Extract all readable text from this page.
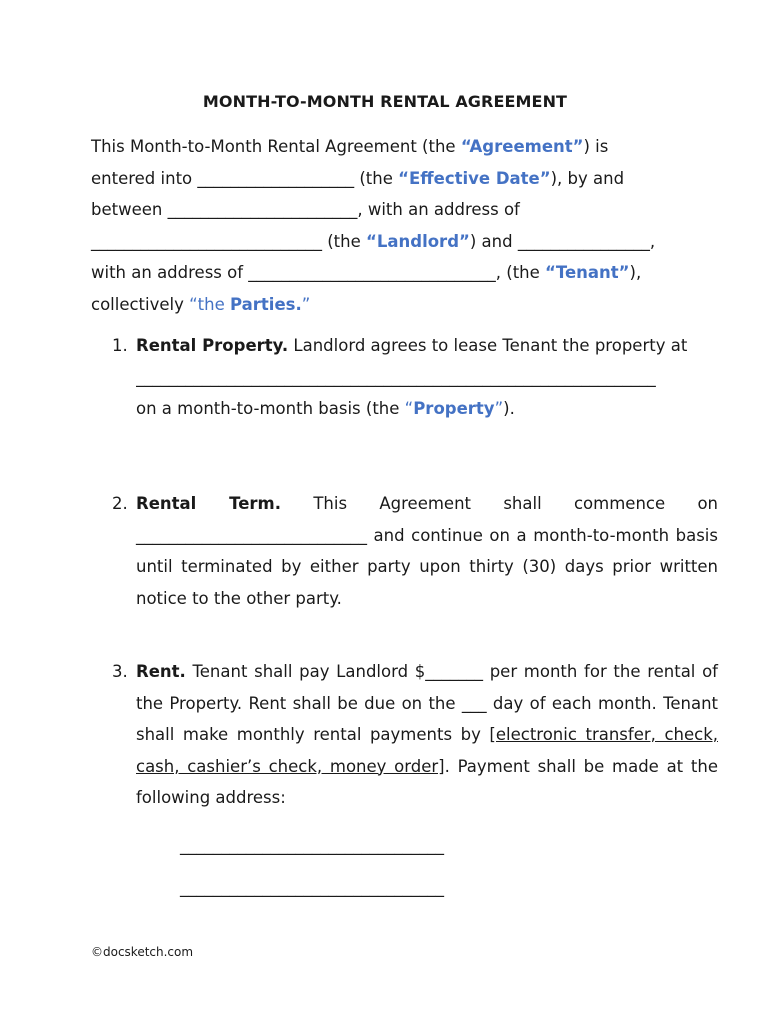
MONTH-TO-MONTH RENTAL AGREEMENT
This Month-to-Month Rental Agreement (the “Agreement”) is
entered into ___________________ (the “Effective Date”), by and
between _______________________, with an address of
____________________________ (the “Landlord”) and ________________,
with an address of ______________________________, (the “Tenant”),
collectively “the Parties.”
1. Rental Property. Landlord agrees to lease Tenant the property at
_______________________________________________________________
on a month-to-month basis (the “Property”).
2. Rental Term. This Agreement shall commence on
____________________________ and continue on a month-to-month basis until terminated by either party upon thirty (30) days prior written notice to the other party.
3. Rent. Tenant shall pay Landlord $_______ per month for the rental of the Property. Rent shall be due on the ___ day of each month. Tenant shall make monthly rental payments by [electronic transfer, check, cash, cashier’s check, money order]. Payment shall be made at the following address:
________________________________
________________________________
©docsketch.com
